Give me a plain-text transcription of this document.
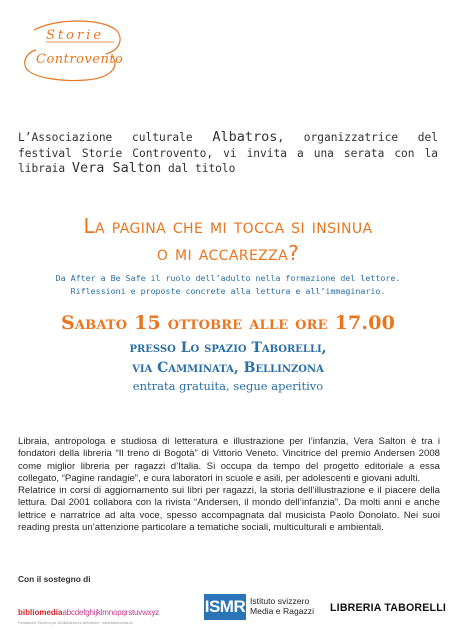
Storie
Controvento
L’Associazione culturale Albatros, organizzatrice del festival Storie Controvento, vi invita a una serata con la libraia Vera Salton dal titolo
La pagina che mi tocca si insinua
o mi accarezza?
Da After a Be Safe il ruolo dell’adulto nella formazione del lettore.
Riflessioni e proposte concrete alla lettura e all’immaginario.
Sabato 15 ottobre alle ore 17.00
presso Lo spazio Taborelli,
via Camminata, Bellinzona
entrata gratuita, segue aperitivo

Libraia, antropologa e studiosa di letteratura e illustrazione per l’infanzia, Vera Salton è tra i fondatori della libreria “Il treno di Bogotà” di Vittorio Veneto. Vincitrice del premio Andersen 2008 come miglior libreria per ragazzi d’Italia. Si occupa da tempo del progetto editoriale a essa collegato, “Pagine randagie”, e cura laboratori in scuole e asili, per adolescenti e giovani adulti.

Relatrice in corsi di aggiornamento sui libri per ragazzi, la storia dell’illustrazione e il piacere della lettura. Dal 2001 collabora con la rivista “Andersen, il mondo dell’infanzia”. Da molti anni e anche lettrice e narratrice ad alta voce, spesso accompagnata dal musicista Paolo Donolato. Nei suoi reading presta un’attenzione particolare a tematiche sociali, multiculturali e ambientali.

Con il sostegno di
bibliomediaabcdefghijklmnopqrstuvwxyz
Fondazione Svizzera per la Biblioteca fra biblioteche · www.bibliomedia.ch
ISMR Istituto svizzero
Media e Ragazzi	LIBRERIA TABORELLI
